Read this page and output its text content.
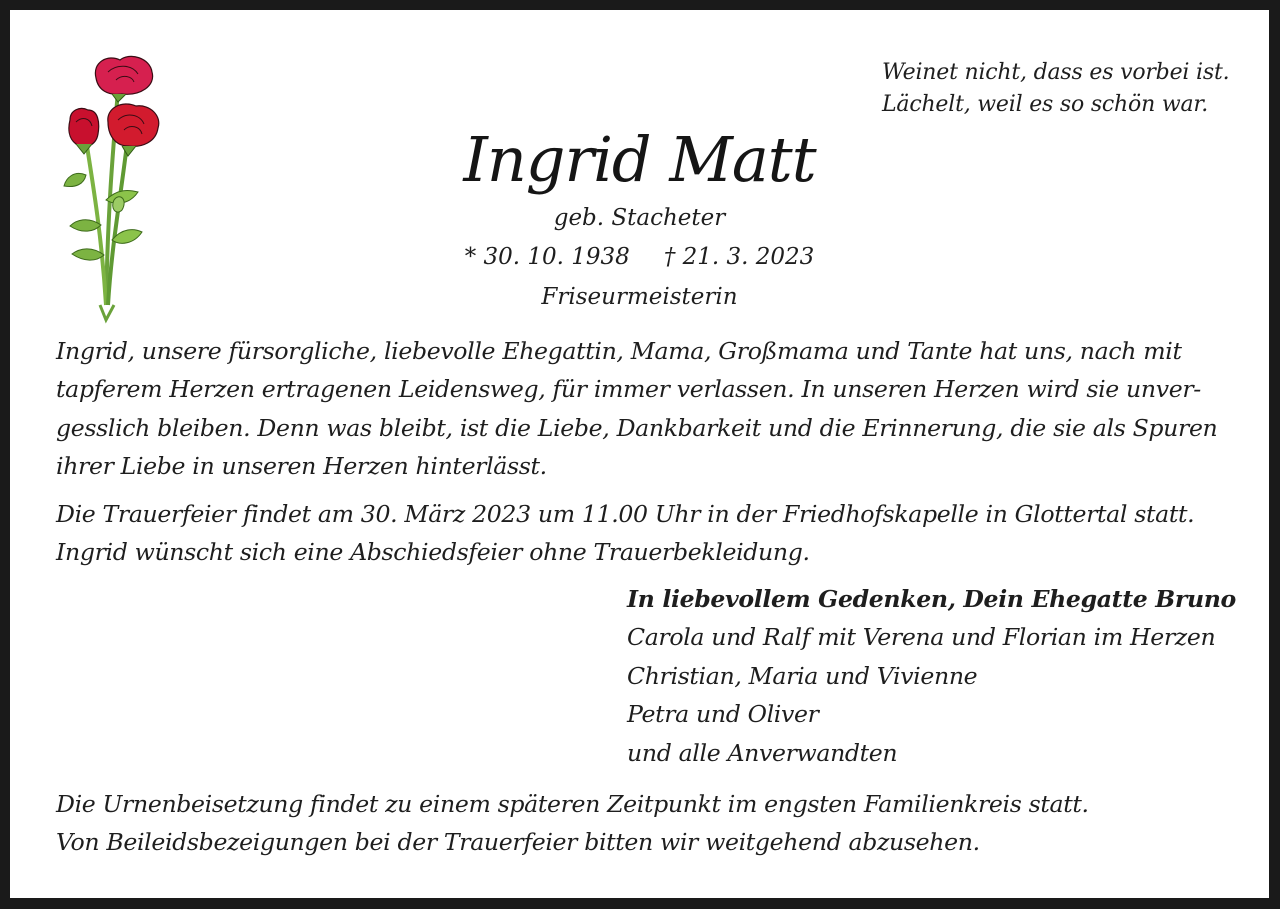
Weinet nicht, dass es vorbei ist.
Lächelt, weil es so schön war.
Ingrid Matt
geb. Stacheter
* 30. 10. 1938 † 21. 3. 2023
Friseurmeisterin
Ingrid, unsere fürsorgliche, liebevolle Ehegattin, Mama, Großmama und Tante hat uns, nach mit
tapferem Herzen ertragenen Leidensweg, für immer verlassen. In unseren Herzen wird sie unver-
gesslich bleiben. Denn was bleibt, ist die Liebe, Dankbarkeit und die Erinnerung, die sie als Spuren
ihrer Liebe in unseren Herzen hinterlässt.
Die Trauerfeier findet am 30. März 2023 um 11.00 Uhr in der Friedhofskapelle in Glottertal statt.
Ingrid wünscht sich eine Abschiedsfeier ohne Trauerbekleidung.
In liebevollem Gedenken, Dein Ehegatte Bruno
Carola und Ralf mit Verena und Florian im Herzen
Christian, Maria und Vivienne
Petra und Oliver
und alle Anverwandten
Die Urnenbeisetzung findet zu einem späteren Zeitpunkt im engsten Familienkreis statt.
Von Beileidsbezeigungen bei der Trauerfeier bitten wir weitgehend abzusehen.
